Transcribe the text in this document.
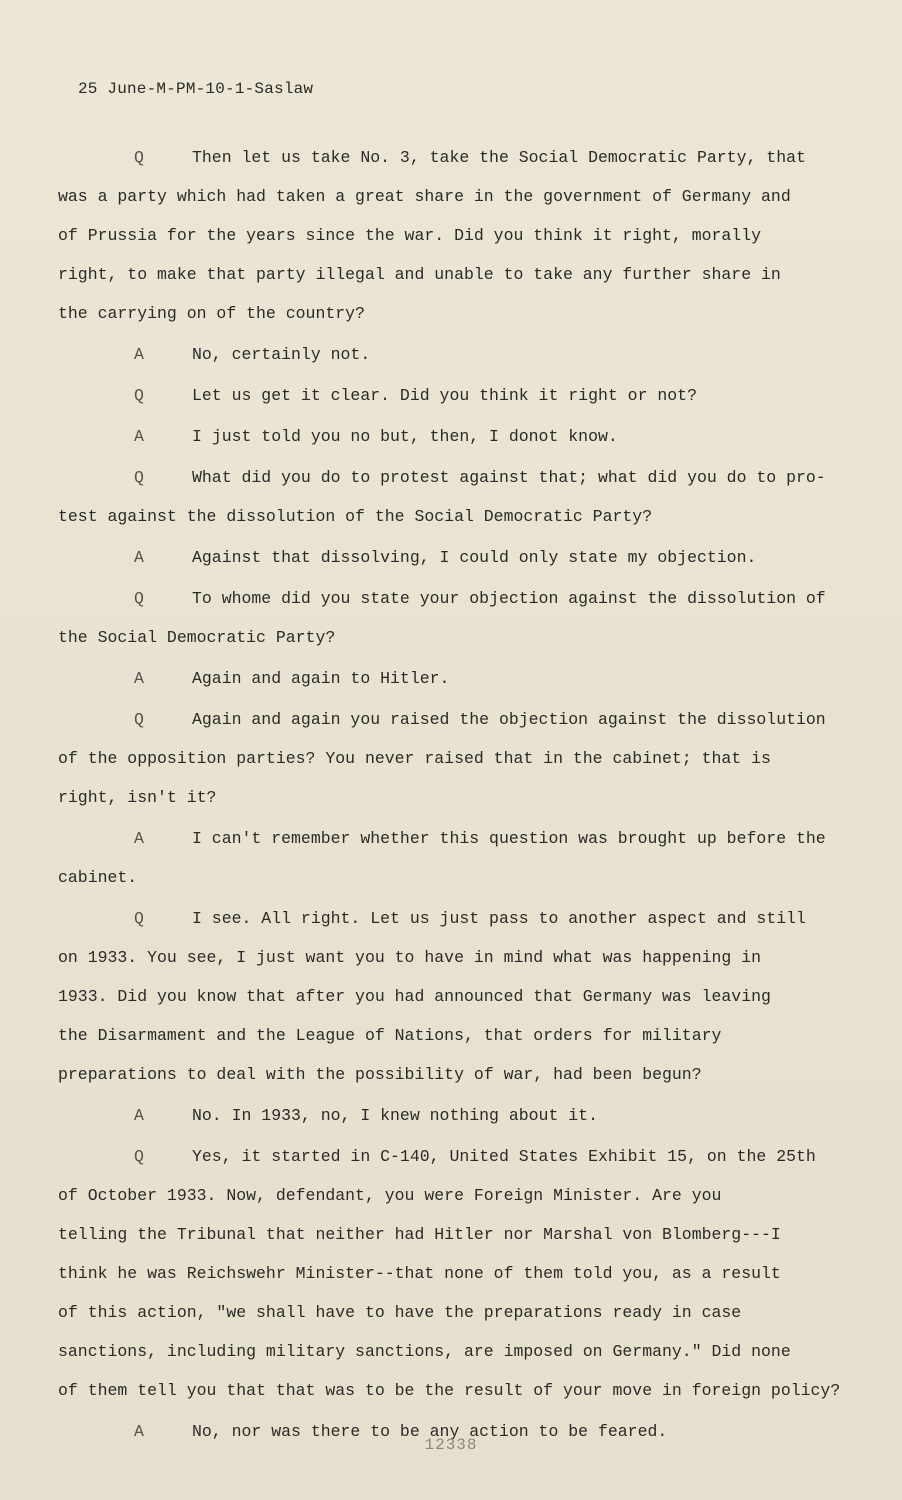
25 June-M-PM-10-1-Saslaw
Q	Then let us take No. 3, take the Social Democratic Party, that
was a party which had taken a great share in the government of Germany and
of Prussia for the years since the war. Did you think it right, morally
right, to make that party illegal and unable to take any further share in
the carrying on of the country?
A	No, certainly not.
Q	Let us get it clear. Did you think it right or not?
A	I just told you no but, then, I donot know.
Q	What did you do to protest against that; what did you do to pro-
test against the dissolution of the Social Democratic Party?
A	Against that dissolving, I could only state my objection.
Q	To whome did you state your objection against the dissolution of
the Social Democratic Party?
A	Again and again to Hitler.
Q	Again and again you raised the objection against the dissolution
of the opposition parties? You never raised that in the cabinet; that is
right, isn't it?
A	I can't remember whether this question was brought up before the
cabinet.
Q	I see. All right. Let us just pass to another aspect and still
on 1933. You see, I just want you to have in mind what was happening in
1933. Did you know that after you had announced that Germany was leaving
the Disarmament and the League of Nations, that orders for military
preparations to deal with the possibility of war, had been begun?
A	No. In 1933, no, I knew nothing about it.
Q	Yes, it started in C-140, United States Exhibit 15, on the 25th
of October 1933. Now, defendant, you were Foreign Minister. Are you
telling the Tribunal that neither had Hitler nor Marshal von Blomberg---I
think he was Reichswehr Minister--that none of them told you, as a result
of this action, "we shall have to have the preparations ready in case
sanctions, including military sanctions, are imposed on Germany." Did none
of them tell you that that was to be the result of your move in foreign policy?
A	No, nor was there to be any action to be feared.
12338
